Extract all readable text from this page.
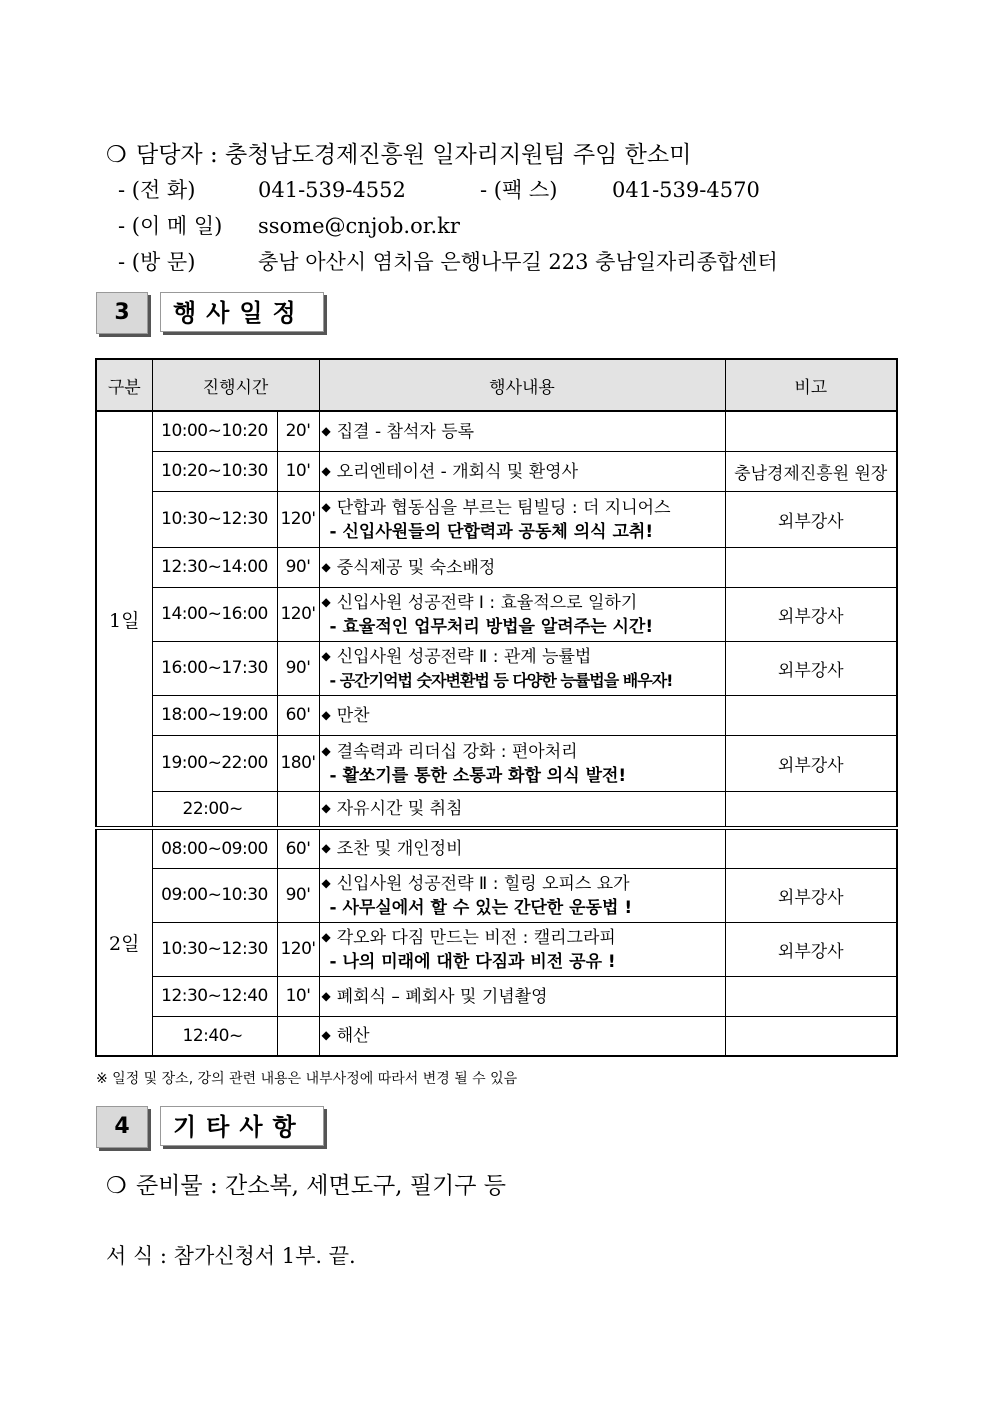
❍ 담당자 : 충청남도경제진흥원 일자리지원팀 주임 한소미
- (전 화)	041-539-4552	- (팩 스)	041-539-4570
- (이 메 일) ssome@cnjob.or.kr
- (방 문)	충남 아산시 염치읍 은행나무길 223 충남일자리종합센터
3	행사일정
구분	진행시간		행사내용	비고
1일	10:00~10:20	20'	◆ 집결 - 참석자 등록	

	10:20~10:30	10'	◆ 오리엔테이션 - 개회식 및 환영사	충남경제진흥원 원장
	10:30~12:30	120'	◆ 단합과 협동심을 부르는 팀빌딩 : 더 지니어스
- 신입사원들의 단합력과 공동체 의식 고취!	외부강사
	12:30~14:00	90'	◆ 중식제공 및 숙소배정	

	14:00~16:00	120'	◆ 신입사원 성공전략 Ⅰ : 효율적으로 일하기
- 효율적인 업무처리 방법을 알려주는 시간!	외부강사
	16:00~17:30	90'	◆ 신입사원 성공전략 Ⅱ : 관계 능률법
- 공간기억법 숫자변환법 등 다양한 능률법을 배우자!	외부강사
	18:00~19:00	60'	◆ 만찬	

	19:00~22:00	180'	◆ 결속력과 리더십 강화 : 편아처리
- 활쏘기를 통한 소통과 화합 의식 발전!	외부강사
	22:00~		◆ 자유시간 및 취침	

2일	08:00~09:00	60'	◆ 조찬 및 개인정비	

	09:00~10:30	90'	◆ 신입사원 성공전략 Ⅱ : 힐링 오피스 요가
- 사무실에서 할 수 있는 간단한 운동법 !	외부강사
	10:30~12:30	120'	◆ 각오와 다짐 만드는 비전 : 캘리그라피
- 나의 미래에 대한 다짐과 비전 공유 !	외부강사
	12:30~12:40	10'	◆ 폐회식 – 폐회사 및 기념촬영	

	12:40~		◆ 해산	

※ 일정 및 장소, 강의 관련 내용은 내부사정에 따라서 변경 될 수 있음
4	기타사항
❍ 준비물 : 간소복, 세면도구, 필기구 등
서 식 : 참가신청서 1부. 끝.
